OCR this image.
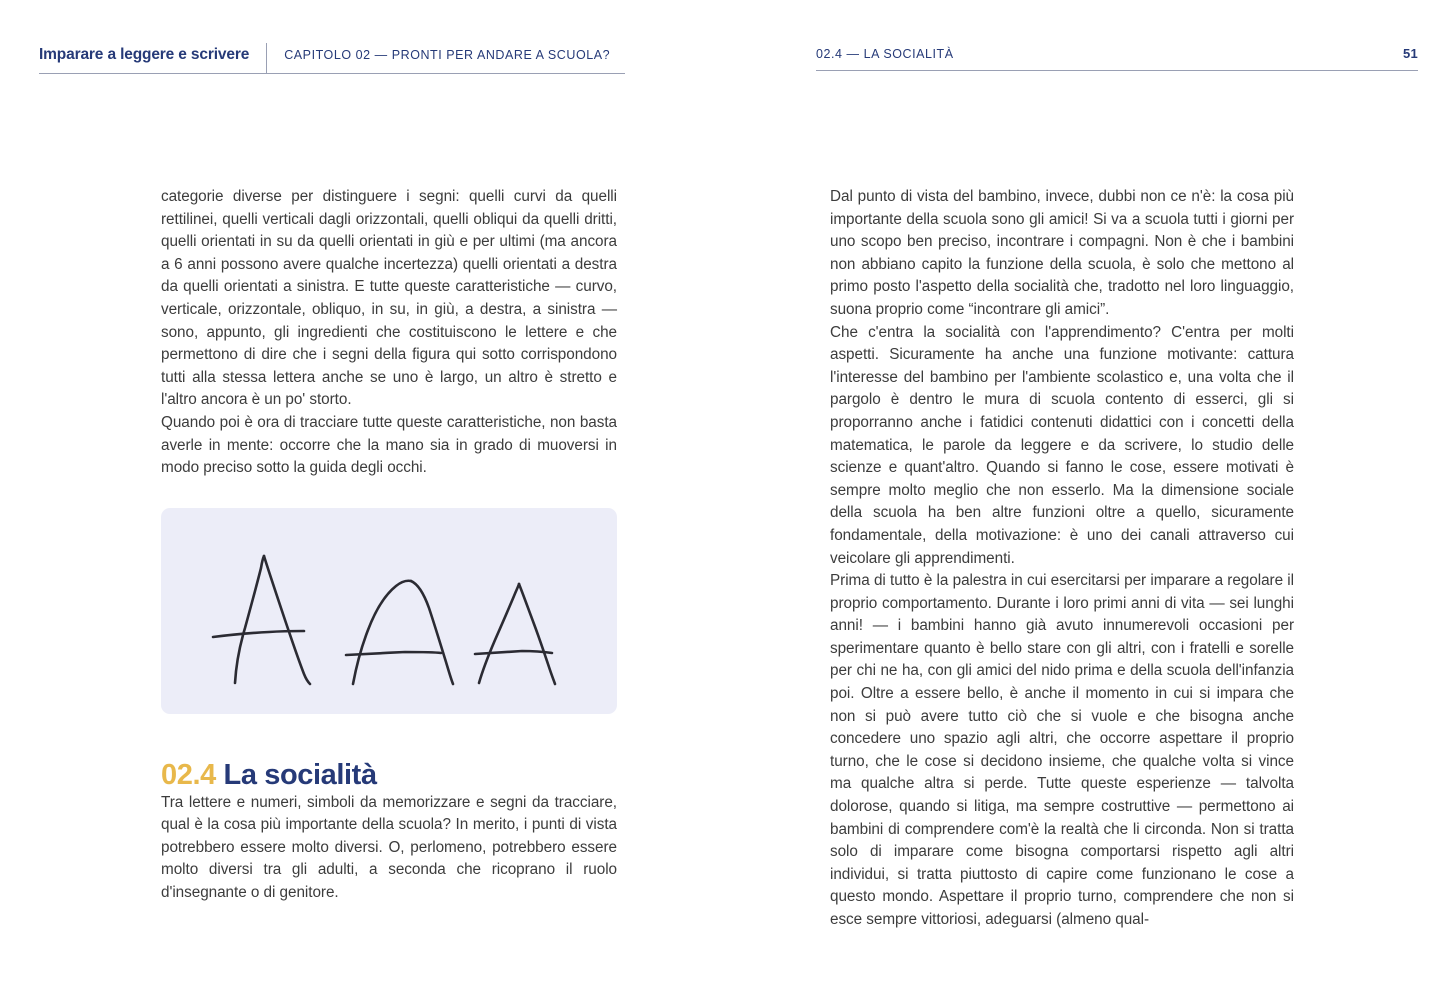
Imparare a leggere e scrivere	CAPITOLO 02 — PRONTI PER ANDARE A SCUOLA?	02.4 — LA SOCIALITÀ	51

categorie diverse per distinguere i segni: quelli curvi da quelli rettilinei, quelli verticali dagli orizzontali, quelli obliqui da quelli dritti, quelli orientati in su da quelli orientati in giù e per ultimi (ma ancora a 6 anni possono avere qualche incertezza) quelli orientati a destra da quelli orientati a sinistra. E tutte queste caratteristiche — curvo, verticale, orizzontale, obliquo, in su, in giù, a destra, a sinistra — sono, appunto, gli ingredienti che costituiscono le lettere e che permettono di dire che i segni della figura qui sotto corrispondono tutti alla stessa lettera anche se uno è largo, un altro è stretto e l'altro ancora è un po' storto.

Quando poi è ora di tracciare tutte queste caratteristiche, non basta averle in mente: occorre che la mano sia in grado di muoversi in modo preciso sotto la guida degli occhi.

02.4 La socialità

Tra lettere e numeri, simboli da memorizzare e segni da tracciare, qual è la cosa più importante della scuola? In merito, i punti di vista potrebbero essere molto diversi. O, perlomeno, potrebbero essere molto diversi tra gli adulti, a seconda che ricoprano il ruolo d'insegnante o di genitore.

Dal punto di vista del bambino, invece, dubbi non ce n'è: la cosa più importante della scuola sono gli amici! Si va a scuola tutti i giorni per uno scopo ben preciso, incontrare i compagni. Non è che i bambini non abbiano capito la funzione della scuola, è solo che mettono al primo posto l'aspetto della socialità che, tradotto nel loro linguaggio, suona proprio come “incontrare gli amici”.

Che c'entra la socialità con l'apprendimento? C'entra per molti aspetti. Sicuramente ha anche una funzione motivante: cattura l'interesse del bambino per l'ambiente scolastico e, una volta che il pargolo è dentro le mura di scuola contento di esserci, gli si proporranno anche i fatidici contenuti didattici con i concetti della matematica, le parole da leggere e da scrivere, lo studio delle scienze e quant'altro. Quando si fanno le cose, essere motivati è sempre molto meglio che non esserlo. Ma la dimensione sociale della scuola ha ben altre funzioni oltre a quello, sicuramente fondamentale, della motivazione: è uno dei canali attraverso cui veicolare gli apprendimenti.

Prima di tutto è la palestra in cui esercitarsi per imparare a regolare il proprio comportamento. Durante i loro primi anni di vita — sei lunghi anni! — i bambini hanno già avuto innumerevoli occasioni per sperimentare quanto è bello stare con gli altri, con i fratelli e sorelle per chi ne ha, con gli amici del nido prima e della scuola dell'infanzia poi. Oltre a essere bello, è anche il momento in cui si impara che non si può avere tutto ciò che si vuole e che bisogna anche concedere uno spazio agli altri, che occorre aspettare il proprio turno, che le cose si decidono insieme, che qualche volta si vince ma qualche altra si perde. Tutte queste esperienze — talvolta dolorose, quando si litiga, ma sempre costruttive — permettono ai bambini di comprendere com'è la realtà che li circonda. Non si tratta solo di imparare come bisogna comportarsi rispetto agli altri individui, si tratta piuttosto di capire come funzionano le cose a questo mondo. Aspettare il proprio turno, comprendere che non si esce sempre vittoriosi, adeguarsi (almeno qual-
